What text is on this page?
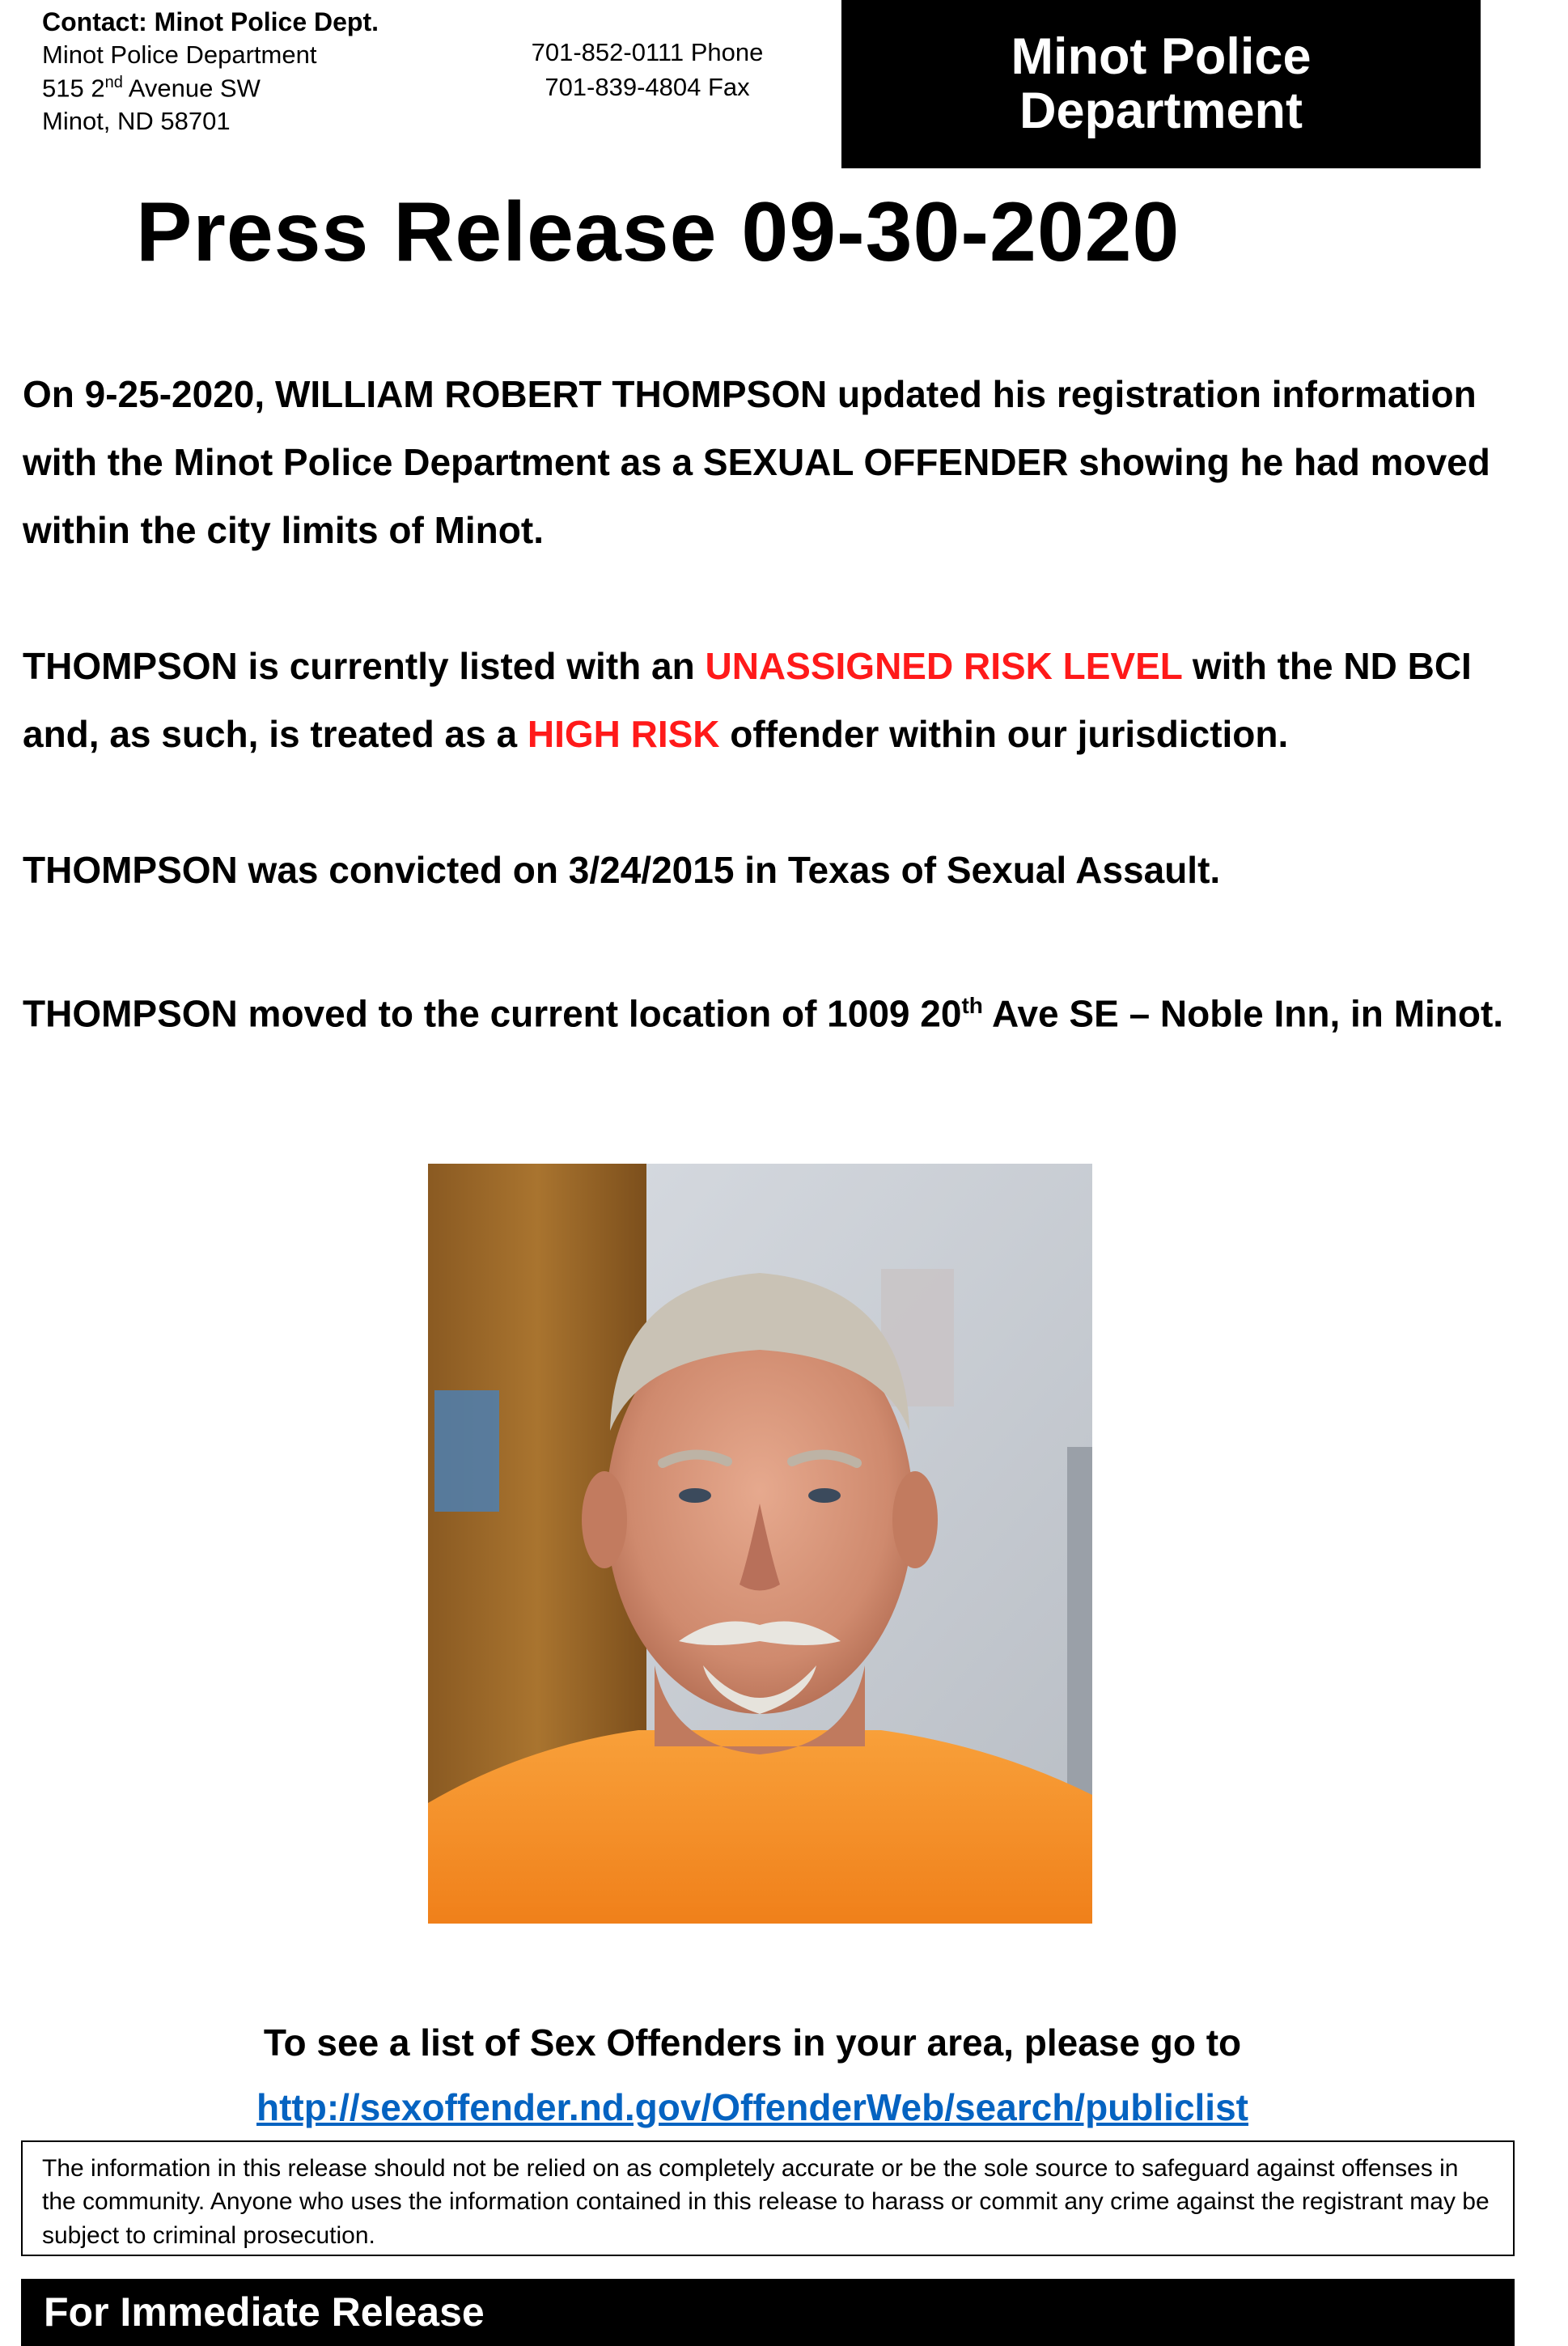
Contact: Minot Police Dept.
Minot Police Department
515 2nd Avenue SW
Minot, ND 58701
701-852-0111 Phone
701-839-4804 Fax
Minot Police
Department
Press Release 09-30-2020

On 9-25-2020, WILLIAM ROBERT THOMPSON updated his registration information with the Minot Police Department as a SEXUAL OFFENDER showing he had moved within the city limits of Minot.

THOMPSON is currently listed with an UNASSIGNED RISK LEVEL with the ND BCI and, as such, is treated as a HIGH RISK offender within our jurisdiction.

THOMPSON was convicted on 3/24/2015 in Texas of Sexual Assault.

THOMPSON moved to the current location of 1009 20th Ave SE – Noble Inn, in Minot.

To see a list of Sex Offenders in your area, please go to
http://sexoffender.nd.gov/OffenderWeb/search/publiclist
The information in this release should not be relied on as completely accurate or be the sole source to safeguard against offenses in the community. Anyone who uses the information contained in this release to harass or commit any crime against the registrant may be subject to criminal prosecution.
For Immediate Release
